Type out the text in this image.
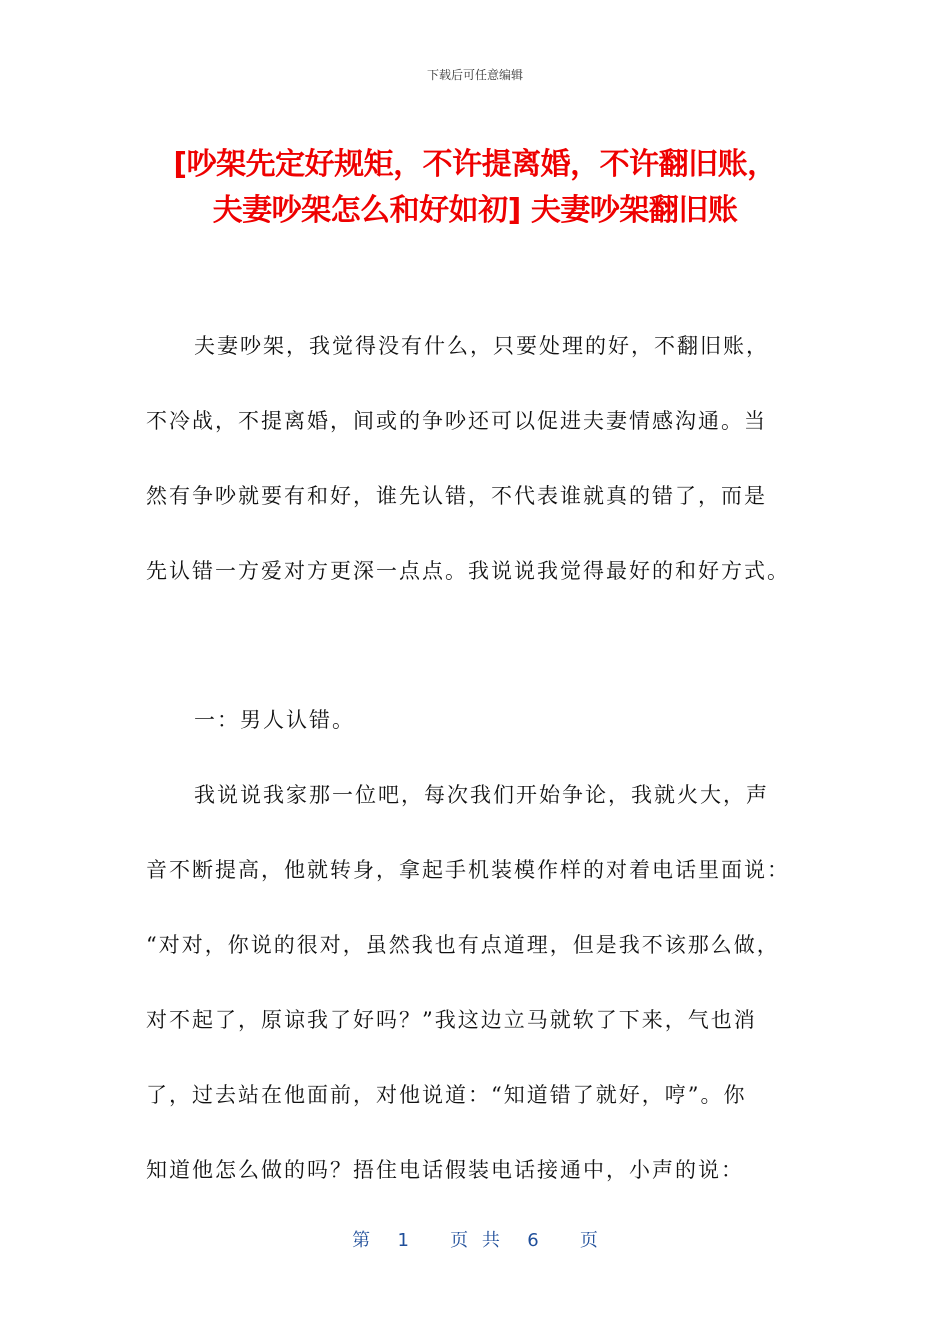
下载后可任意编辑
[吵架先定好规矩，不许提离婚，不许翻旧账，
夫妻吵架怎么和好如初] 夫妻吵架翻旧账
夫妻吵架，我觉得没有什么，只要处理的好，不翻旧账，
不冷战，不提离婚，间或的争吵还可以促进夫妻情感沟通。当
然有争吵就要有和好，谁先认错，不代表谁就真的错了，而是
先认错一方爱对方更深一点点。我说说我觉得最好的和好方式。
一：男人认错。
我说说我家那一位吧，每次我们开始争论，我就火大，声
音不断提高，他就转身，拿起手机装模作样的对着电话里面说：
“对对，你说的很对，虽然我也有点道理，但是我不该那么做，
对不起了，原谅我了好吗？”我这边立马就软了下来，气也消
了，过去站在他面前，对他说道：“知道错了就好，哼”。你
知道他怎么做的吗？捂住电话假装电话接通中，小声的说：
第  1   页 共  6   页
